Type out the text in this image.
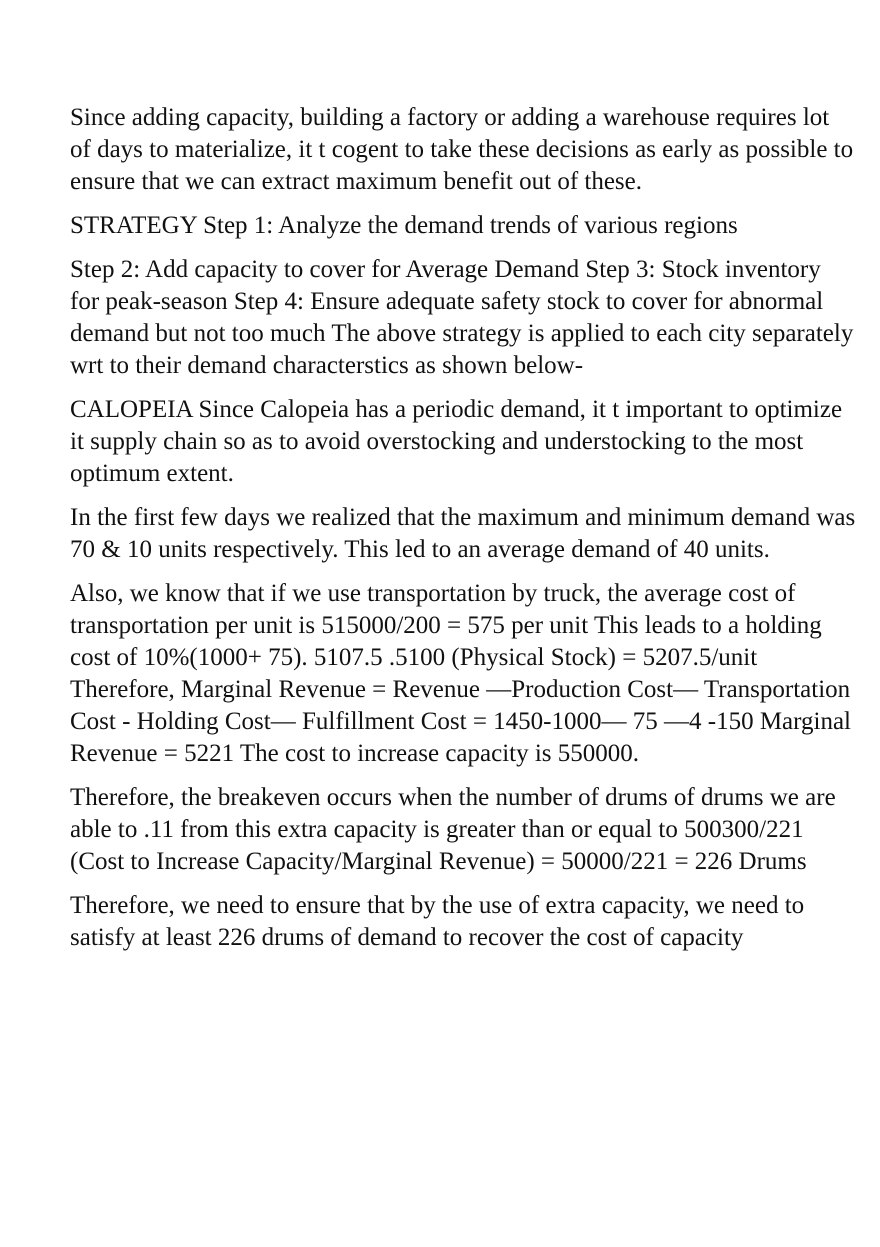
Since adding capacity, building a factory or adding a warehouse requires lot of days to materialize, it t cogent to take these decisions as early as possible to ensure that we can extract maximum benefit out of these.

STRATEGY Step 1: Analyze the demand trends of various regions

Step 2: Add capacity to cover for Average Demand Step 3: Stock inventory for peak-season Step 4: Ensure adequate safety stock to cover for abnormal demand but not too much The above strategy is applied to each city separately wrt to their demand characterstics as shown below-

CALOPEIA Since Calopeia has a periodic demand, it t important to optimize it supply chain so as to avoid overstocking and understocking to the most optimum extent.

In the first few days we realized that the maximum and minimum demand was 70 & 10 units respectively. This led to an average demand of 40 units.

Also, we know that if we use transportation by truck, the average cost of transportation per unit is 515000/200 = 575 per unit This leads to a holding cost of 10%(1000+ 75). 5107.5 .5100 (Physical Stock) = 5207.5/unit Therefore, Marginal Revenue = Revenue —Production Cost— Transportation Cost - Holding Cost— Fulfillment Cost = 1450-1000— 75 —4 -150 Marginal Revenue = 5221 The cost to increase capacity is 550000.

Therefore, the breakeven occurs when the number of drums of drums we are able to .11 from this extra capacity is greater than or equal to 500300/221 (Cost to Increase Capacity/Marginal Revenue) = 50000/221 = 226 Drums

Therefore, we need to ensure that by the use of extra capacity, we need to satisfy at least 226 drums of demand to recover the cost of capacity
